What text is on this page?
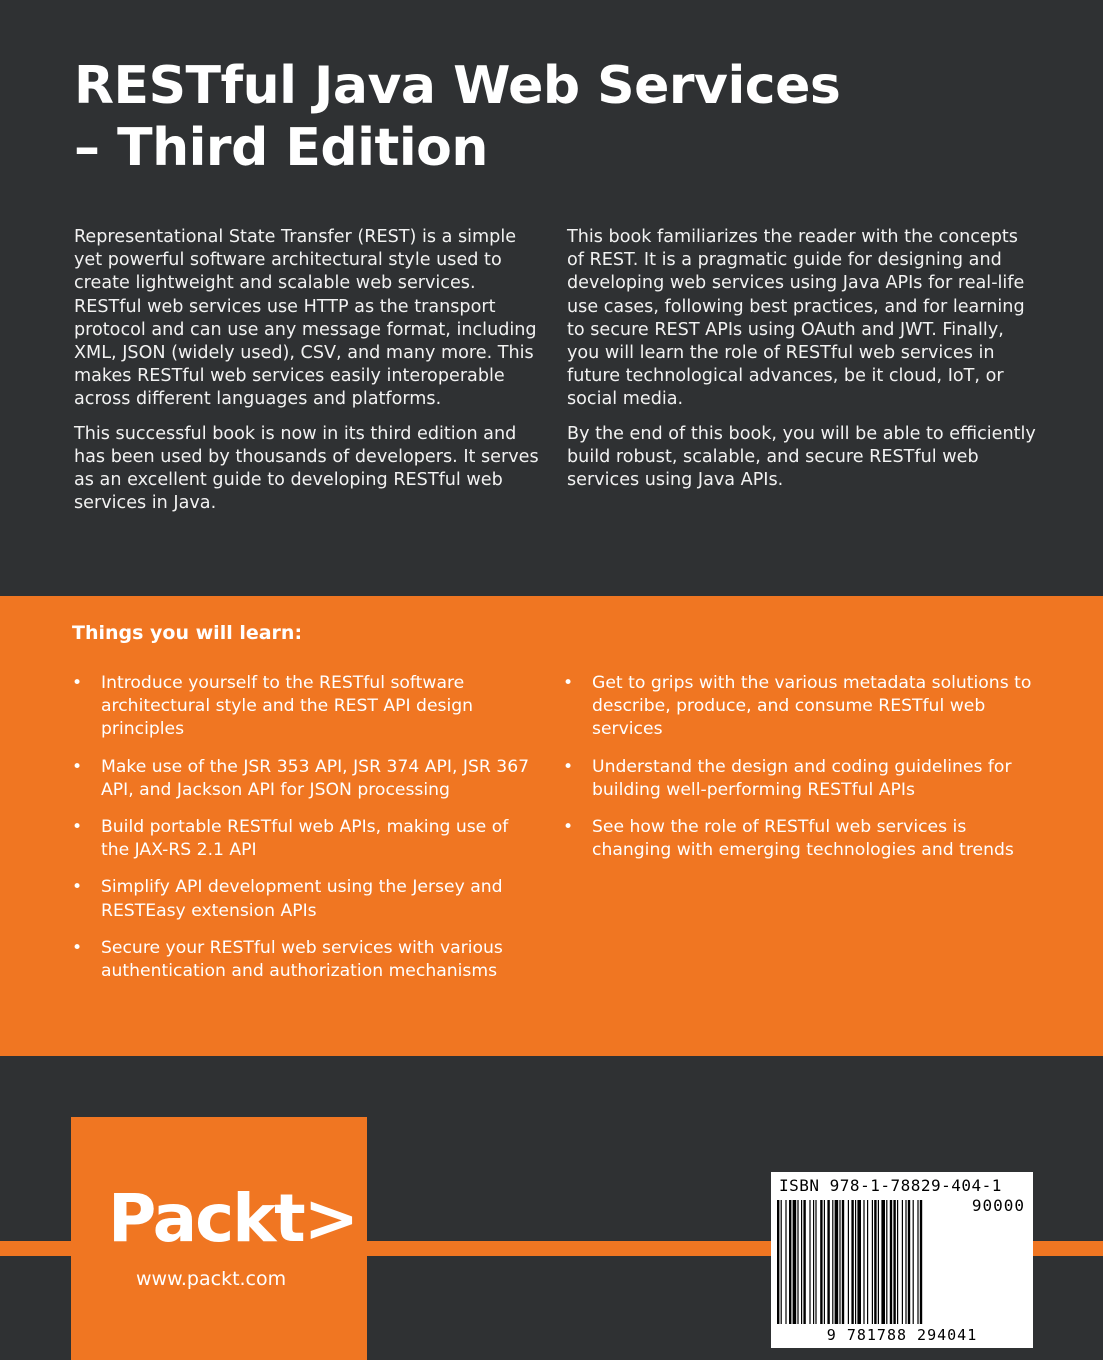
RESTful Java Web Services
– Third Edition

Representational State Transfer (REST) is a simple yet powerful software architectural style used to create lightweight and scalable web services. RESTful web services use HTTP as the transport protocol and can use any message format, including XML, JSON (widely used), CSV, and many more. This makes RESTful web services easily interoperable across different languages and platforms.

This successful book is now in its third edition and has been used by thousands of developers. It serves as an excellent guide to developing RESTful web services in Java.

This book familiarizes the reader with the concepts of REST. It is a pragmatic guide for designing and developing web services using Java APIs for real-life use cases, following best practices, and for learning to secure REST APIs using OAuth and JWT. Finally, you will learn the role of RESTful web services in future technological advances, be it cloud, IoT, or social media.

By the end of this book, you will be able to efficiently build robust, scalable, and secure RESTful web services using Java APIs.

Things you will learn:
• Introduce yourself to the RESTful software architectural style and the REST API design principles
• Make use of the JSR 353 API, JSR 374 API, JSR 367 API, and Jackson API for JSON processing
• Build portable RESTful web APIs, making use of the JAX-RS 2.1 API
• Simplify API development using the Jersey and RESTEasy extension APIs
• Secure your RESTful web services with various authentication and authorization mechanisms
• Get to grips with the various metadata solutions to describe, produce, and consume RESTful web services
• Understand the design and coding guidelines for building well-performing RESTful APIs
• See how the role of RESTful web services is changing with emerging technologies and trends
Packt>
www.packt.com
ISBN 978-1-78829-404-1
90000
9 781788 294041
